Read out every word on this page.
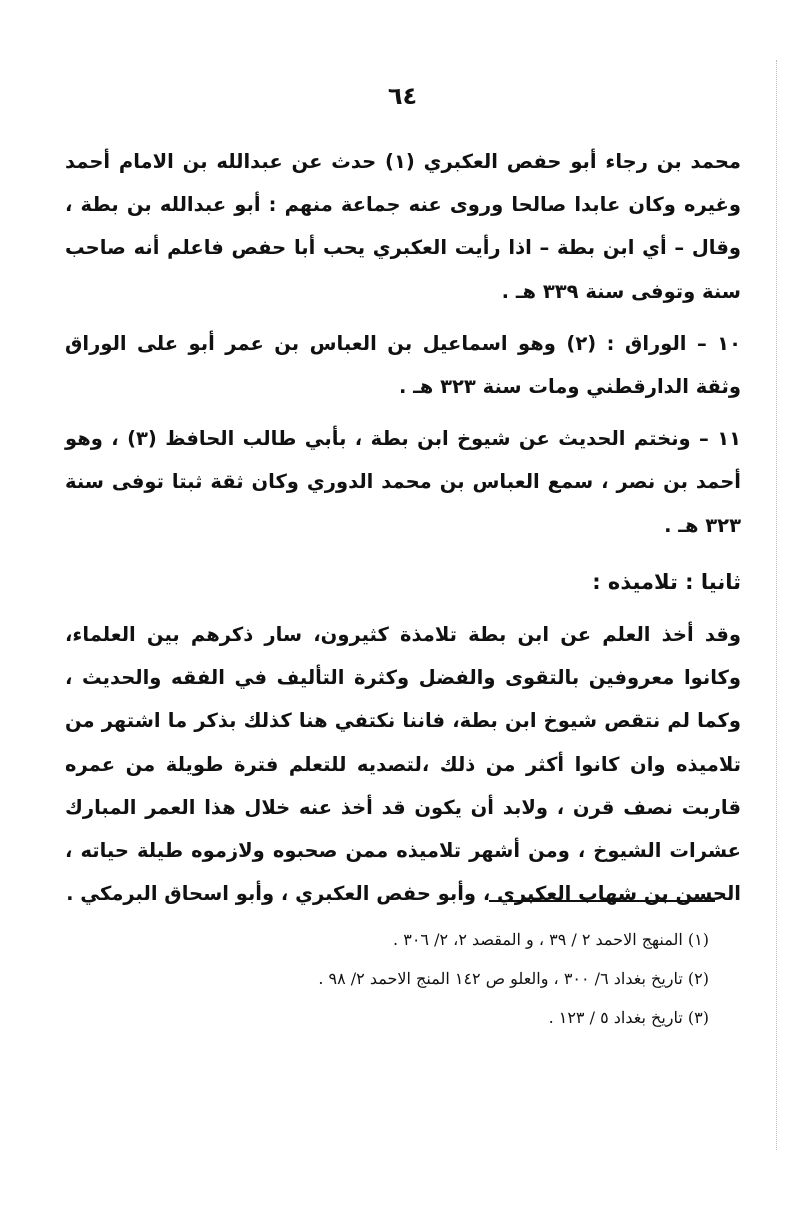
٦٤

محمد بن رجاء أبو حفص العكبري (١) حدث عن عبدالله بن الامام أحمد وغيره وكان عابدا صالحا وروى عنه جماعة منهم : أبو عبدالله بن بطة ، وقال – أي ابن بطة – اذا رأيت العكبري يحب أبا حفص فاعلم أنه صاحب سنة وتوفى سنة ٣٣٩ هـ .

١٠ – الوراق : (٢) وهو اسماعيل بن العباس بن عمر أبو على الوراق وثقة الدارقطني ومات سنة ٣٢٣ هـ .

١١ – ونختم الحديث عن شيوخ ابن بطة ، بأبي طالب الحافظ (٣) ، وهو أحمد بن نصر ، سمع العباس بن محمد الدوري وكان ثقة ثبتا توفى سنة ٣٢٣ هـ .

ثانيا : تلاميذه :

وقد أخذ العلم عن ابن بطة تلامذة كثيرون، سار ذكرهم بين العلماء، وكانوا معروفين بالتقوى والفضل وكثرة التأليف في الفقه والحديث ، وكما لم نتقص شيوخ ابن بطة، فاننا نكتفي هنا كذلك بذكر ما اشتهر من تلاميذه وان كانوا أكثر من ذلك ،لتصديه للتعلم فترة طويلة من عمره قاربت نصف قرن ، ولابد أن يكون قد أخذ عنه خلال هذا العمر المبارك عشرات الشيوخ ، ومن أشهر تلاميذه ممن صحبوه ولازموه طيلة حياته ، الحسن بن شهاب العكبري ، وأبو حفص العكبري ، وأبو اسحاق البرمكي .

(١) المنهج الاحمد ٢ / ٣٩ ، و المقصد ٢، ٢/ ٣٠٦ .

(٢) تاريخ بغداد ٦/ ٣٠٠ ، والعلو ص ١٤٢ المنج الاحمد ٢/ ٩٨ .

(٣) تاريخ بغداد ٥ / ١٢٣ .
